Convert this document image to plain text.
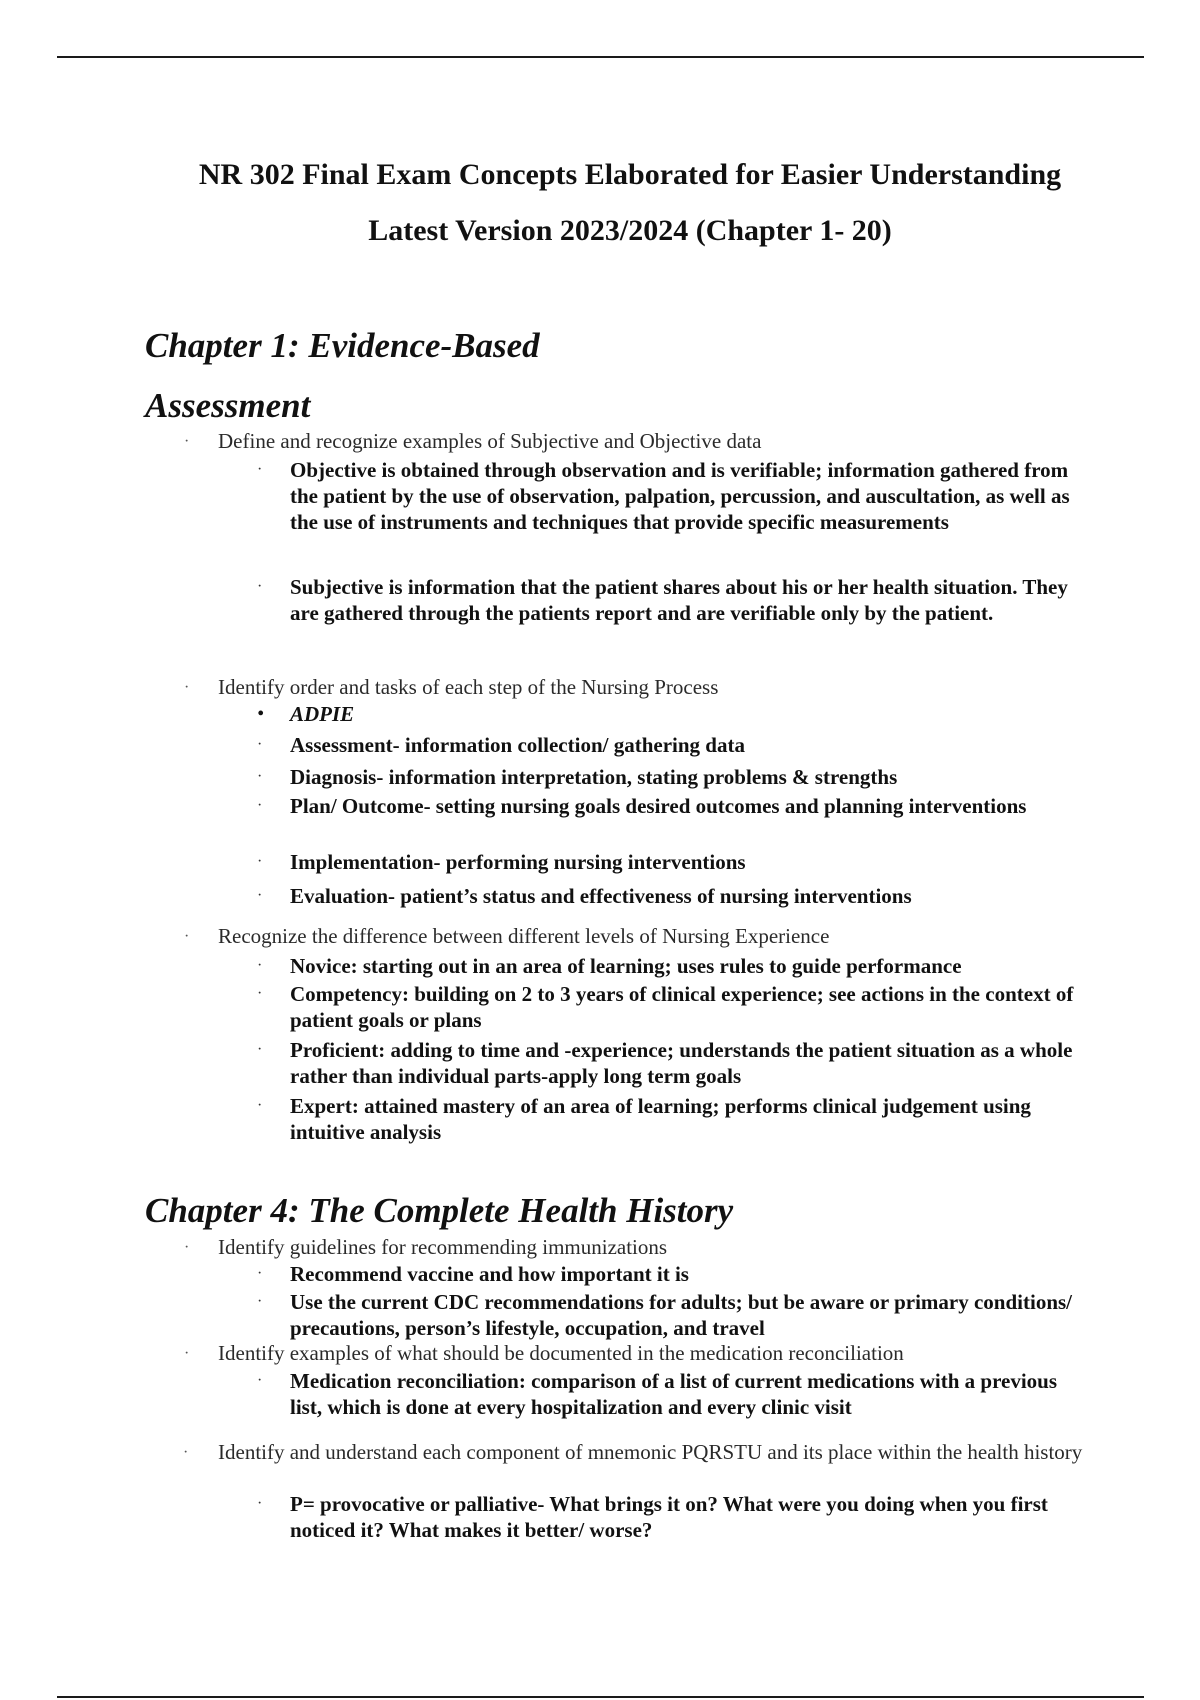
NR 302 Final Exam Concepts Elaborated for Easier Understanding
Latest Version 2023/2024 (Chapter 1- 20)
Chapter 1: Evidence-Based
Assessment
· Define and recognize examples of Subjective and Objective data
· Objective is obtained through observation and is verifiable; information gathered from the patient by the use of observation, palpation, percussion, and auscultation, as well as the use of instruments and techniques that provide specific measurements
· Subjective is information that the patient shares about his or her health situation. They are gathered through the patients report and are verifiable only by the patient.
· Identify order and tasks of each step of the Nursing Process
• ADPIE
· Assessment- information collection/ gathering data
· Diagnosis- information interpretation, stating problems & strengths
· Plan/ Outcome- setting nursing goals desired outcomes and planning interventions
· Implementation- performing nursing interventions
· Evaluation- patient’s status and effectiveness of nursing interventions
· Recognize the difference between different levels of Nursing Experience
· Novice: starting out in an area of learning; uses rules to guide performance
· Competency: building on 2 to 3 years of clinical experience; see actions in the context of patient goals or plans
· Proficient: adding to time and -experience; understands the patient situation as a whole rather than individual parts-apply long term goals
· Expert: attained mastery of an area of learning; performs clinical judgement using intuitive analysis
Chapter 4: The Complete Health History
· Identify guidelines for recommending immunizations
· Recommend vaccine and how important it is
· Use the current CDC recommendations for adults; but be aware or primary conditions/ precautions, person’s lifestyle, occupation, and travel
· Identify examples of what should be documented in the medication reconciliation
· Medication reconciliation: comparison of a list of current medications with a previous list, which is done at every hospitalization and every clinic visit
· Identify and understand each component of mnemonic PQRSTU and its place within the health history
· P= provocative or palliative- What brings it on? What were you doing when you first noticed it? What makes it better/ worse?
